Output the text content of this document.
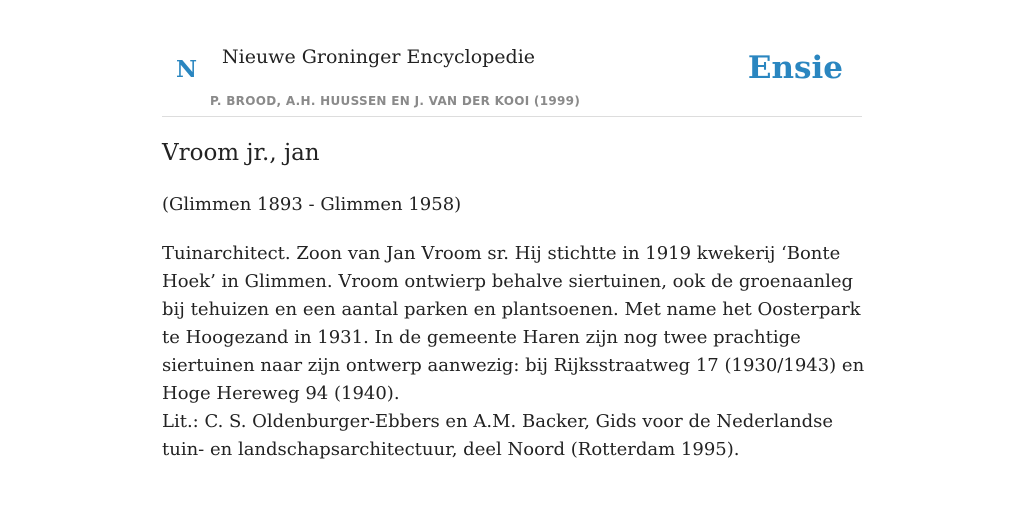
N Nieuwe Groninger Encyclopedie
P. BROOD, A.H. HUUSSEN EN J. VAN DER KOOI (1999)
Ensie
Vroom jr., jan

(Glimmen 1893 - Glimmen 1958)

Tuinarchitect. Zoon van Jan Vroom sr. Hij stichtte in 1919 kwekerij ‘Bonte Hoek’ in Glimmen. Vroom ontwierp behalve siertuinen, ook de groenaanleg bij tehuizen en een aantal parken en plantsoenen. Met name het Oosterpark te Hoogezand in 1931. In de gemeente Haren zijn nog twee prachtige siertuinen naar zijn ontwerp aanwezig: bij Rijksstraatweg 17 (1930/1943) en Hoge Hereweg 94 (1940).

Lit.: C. S. Oldenburger-Ebbers en A.M. Backer, Gids voor de Nederlandse tuin- en landschapsarchitectuur, deel Noord (Rotterdam 1995).
